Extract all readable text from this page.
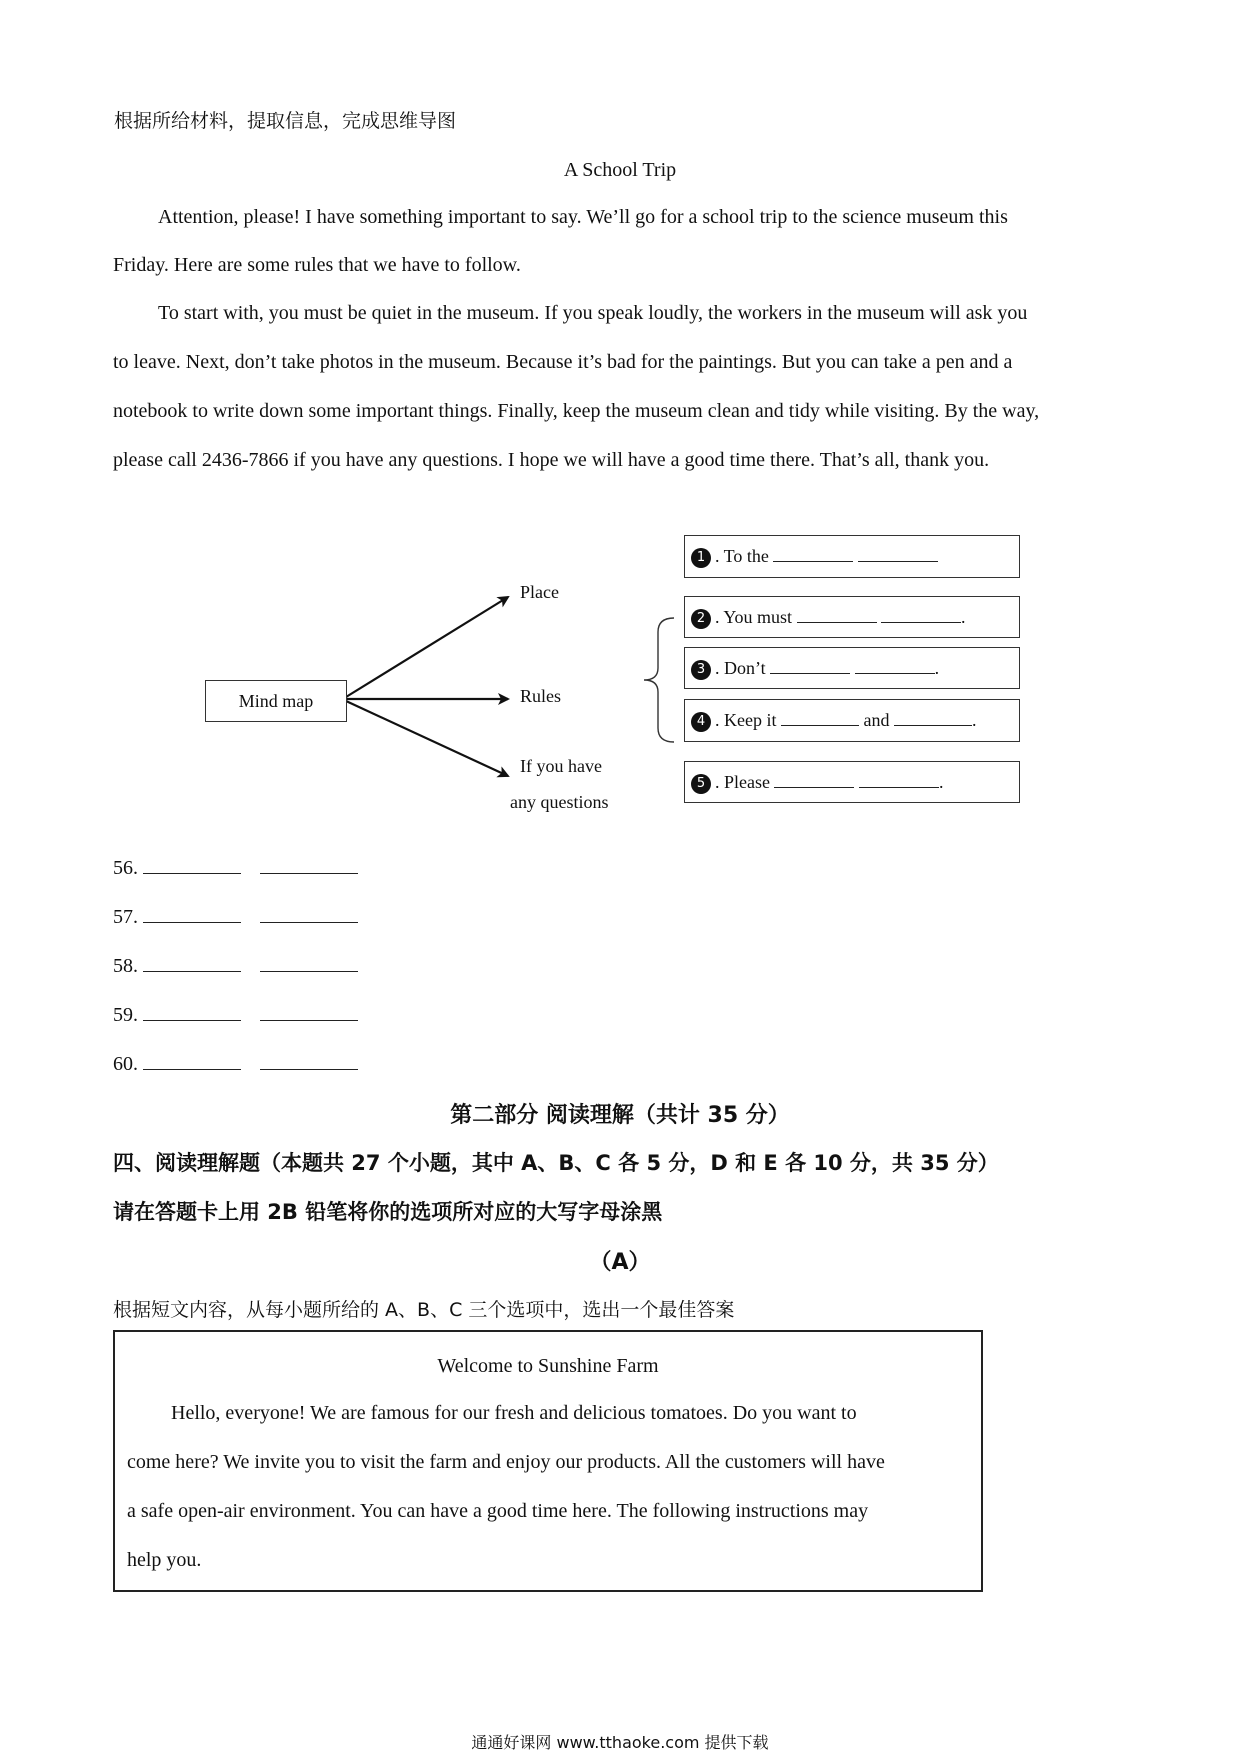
根据所给材料，提取信息，完成思维导图
A School Trip
Attention, please! I have something important to say. We’ll go for a school trip to the science museum this
Friday. Here are some rules that we have to follow.
To start with, you must be quiet in the museum. If you speak loudly, the workers in the museum will ask you
to leave. Next, don’t take photos in the museum. Because it’s bad for the paintings. But you can take a pen and a
notebook to write down some important things. Finally, keep the museum clean and tidy while visiting. By the way,
please call 2436-7866 if you have any questions. I hope we will have a good time there. That’s all, thank you.
Mind map
Place
Rules
If you have
any questions
1 . To the
2 . You must	.
3 . Don’t	.
4 . Keep it	and	.
5 . Please	.
56.
57.
58.
59.
60.
第二部分 阅读理解（共计 35 分）
四、阅读理解题（本题共 27 个小题，其中 A、B、C 各 5 分，D 和 E 各 10 分，共 35 分）
请在答题卡上用 2B 铅笔将你的选项所对应的大写字母涂黑
（A）
根据短文内容，从每小题所给的 A、B、C 三个选项中，选出一个最佳答案
Welcome to Sunshine Farm
Hello, everyone! We are famous for our fresh and delicious tomatoes. Do you want to
come here? We invite you to visit the farm and enjoy our products. All the customers will have
a safe open-air environment. You can have a good time here. The following instructions may
help you.
通通好课网 www.tthaoke.com 提供下载
